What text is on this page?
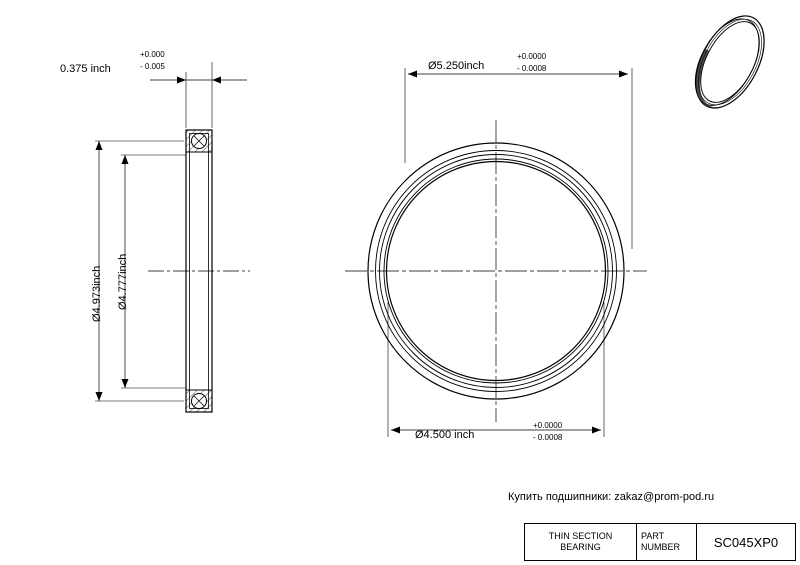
0.375 inch
+0.000
- 0.005
Ø4.973inch Ø4.777inch
Ø5.250inch
+0.0000
- 0.0008
Ø4.500 inch
+0.0000
- 0.0008
Купить подшипники: zakaz@prom-pod.ru
THIN SECTION
BEARING
PART
NUMBER	SC045XP0
